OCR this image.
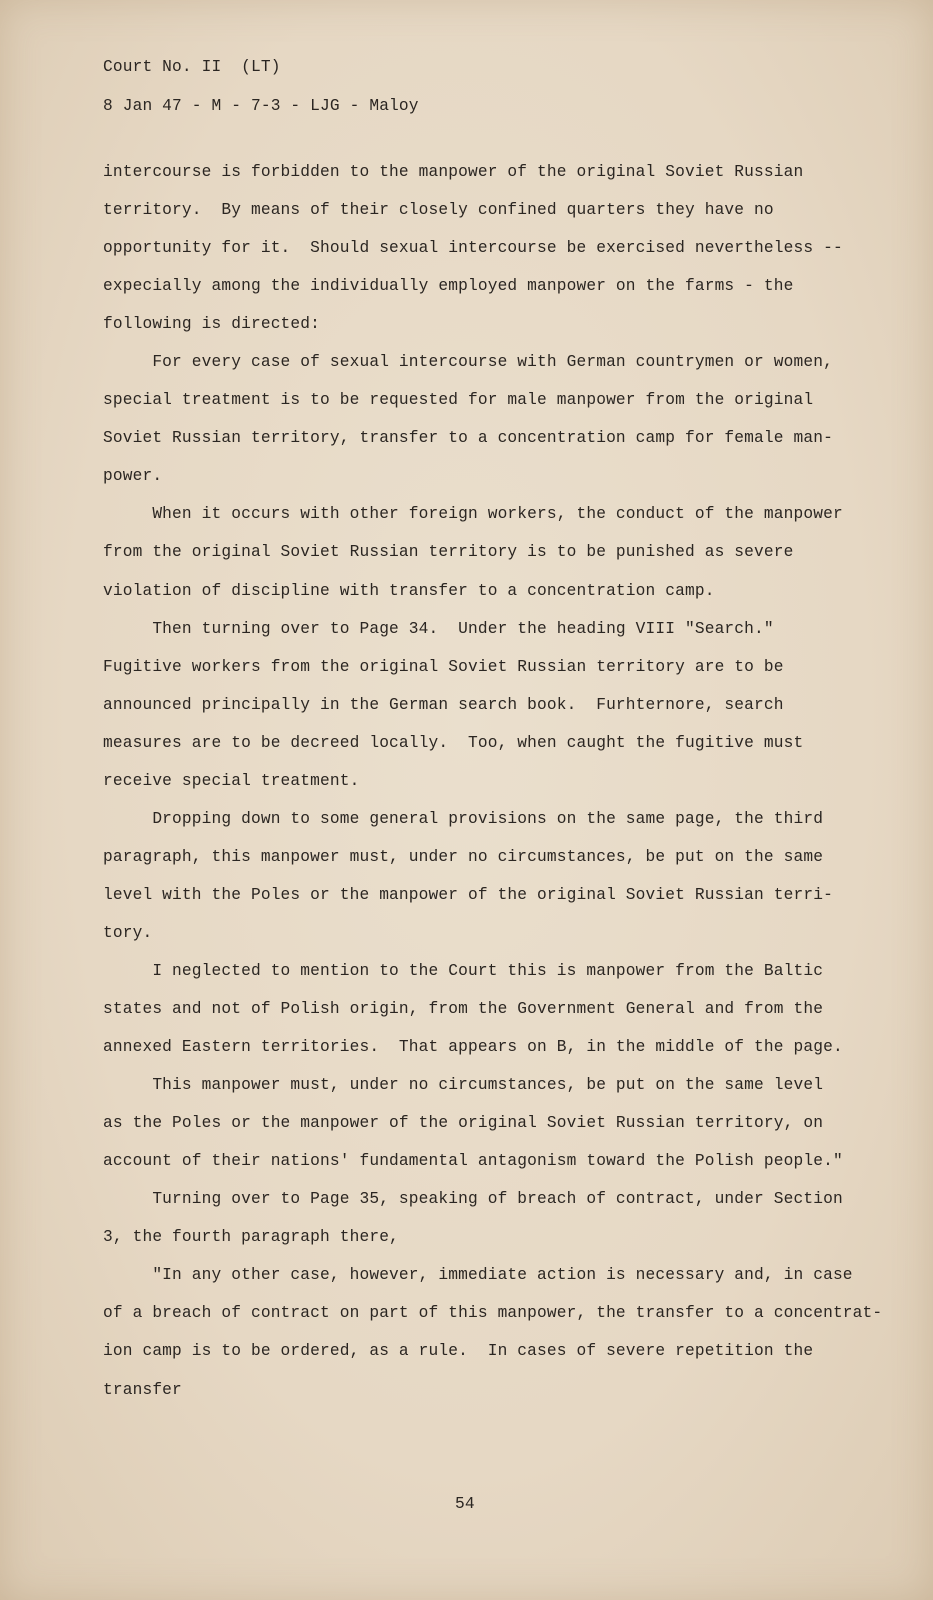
Court No. II  (LT)
8 Jan 47 - M - 7-3 - LJG - Maloy
intercourse is forbidden to the manpower of the original Soviet Russian
territory.  By means of their closely confined quarters they have no
opportunity for it.  Should sexual intercourse be exercised nevertheless --
expecially among the individually employed manpower on the farms - the
following is directed:
For every case of sexual intercourse with German countrymen or women,
special treatment is to be requested for male manpower from the original
Soviet Russian territory, transfer to a concentration camp for female man-
power.
When it occurs with other foreign workers, the conduct of the manpower
from the original Soviet Russian territory is to be punished as severe
violation of discipline with transfer to a concentration camp.
Then turning over to Page 34.  Under the heading VIII "Search."
Fugitive workers from the original Soviet Russian territory are to be
announced principally in the German search book.  Furhternore, search
measures are to be decreed locally.  Too, when caught the fugitive must
receive special treatment.
Dropping down to some general provisions on the same page, the third
paragraph, this manpower must, under no circumstances, be put on the same
level with the Poles or the manpower of the original Soviet Russian terri-
tory.
I neglected to mention to the Court this is manpower from the Baltic
states and not of Polish origin, from the Government General and from the
annexed Eastern territories.  That appears on B, in the middle of the page.
This manpower must, under no circumstances, be put on the same level
as the Poles or the manpower of the original Soviet Russian territory, on
account of their nations' fundamental antagonism toward the Polish people."
Turning over to Page 35, speaking of breach of contract, under Section
3, the fourth paragraph there,
"In any other case, however, immediate action is necessary and, in case
of a breach of contract on part of this manpower, the transfer to a concentrat-
ion camp is to be ordered, as a rule.  In cases of severe repetition the
transfer
54
